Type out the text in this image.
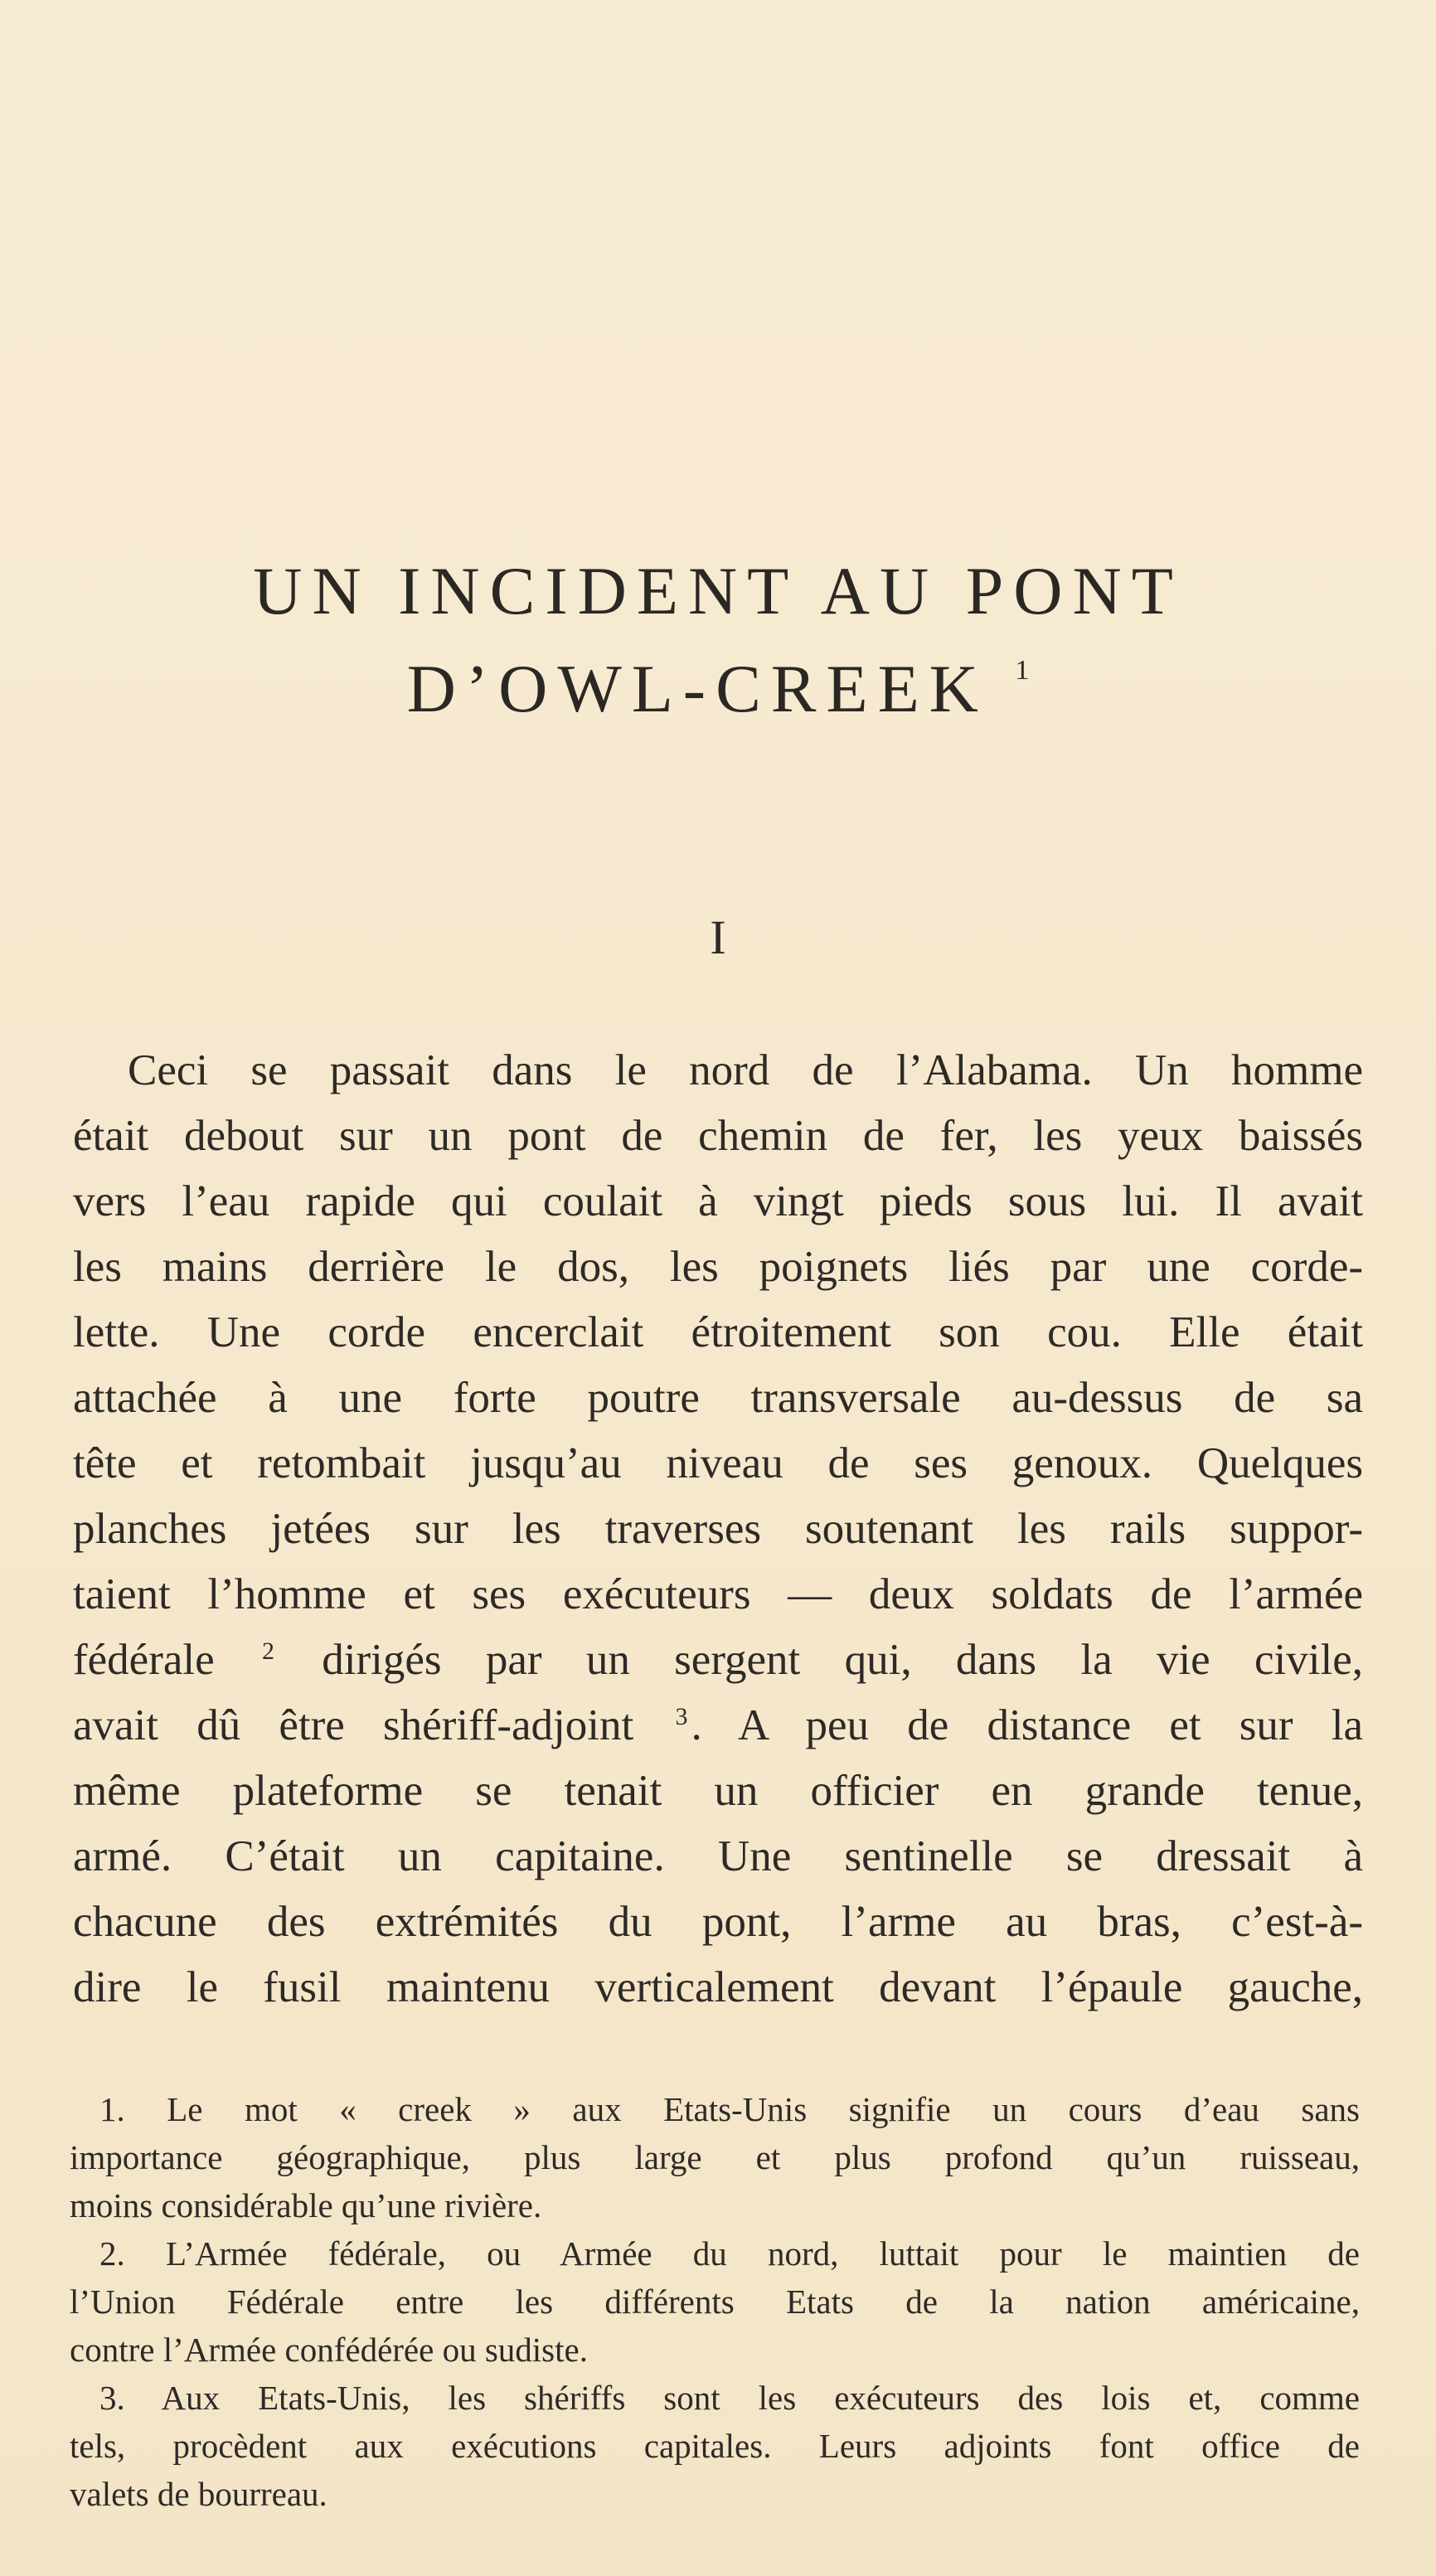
UN INCIDENT AU PONT
D’OWL-CREEK $^1$
I
Ceci se passait dans le nord de l’Alabama. Un homme
était debout sur un pont de chemin de fer, les yeux baissés
vers l’eau rapide qui coulait à vingt pieds sous lui. Il avait
les mains derrière le dos, les poignets liés par une corde-
lette. Une corde encerclait étroitement son cou. Elle était
attachée à une forte poutre transversale au-dessus de sa
tête et retombait jusqu’au niveau de ses genoux. Quelques
planches jetées sur les traverses soutenant les rails suppor-
taient l’homme et ses exécuteurs — deux soldats de l’armée
fédérale $^2$ dirigés par un sergent qui, dans la vie civile,
avait dû être shériff-adjoint $^3$. A peu de distance et sur la
même plateforme se tenait un officier en grande tenue,
armé. C’était un capitaine. Une sentinelle se dressait à
chacune des extrémités du pont, l’arme au bras, c’est-à-
dire le fusil maintenu verticalement devant l’épaule gauche,
1. Le mot « creek » aux Etats-Unis signifie un cours d’eau sans
importance géographique, plus large et plus profond qu’un ruisseau,
moins considérable qu’une rivière.
2. L’Armée fédérale, ou Armée du nord, luttait pour le maintien de
l’Union Fédérale entre les différents Etats de la nation américaine,
contre l’Armée confédérée ou sudiste.
3. Aux Etats-Unis, les shériffs sont les exécuteurs des lois et, comme
tels, procèdent aux exécutions capitales. Leurs adjoints font office de
valets de bourreau.
